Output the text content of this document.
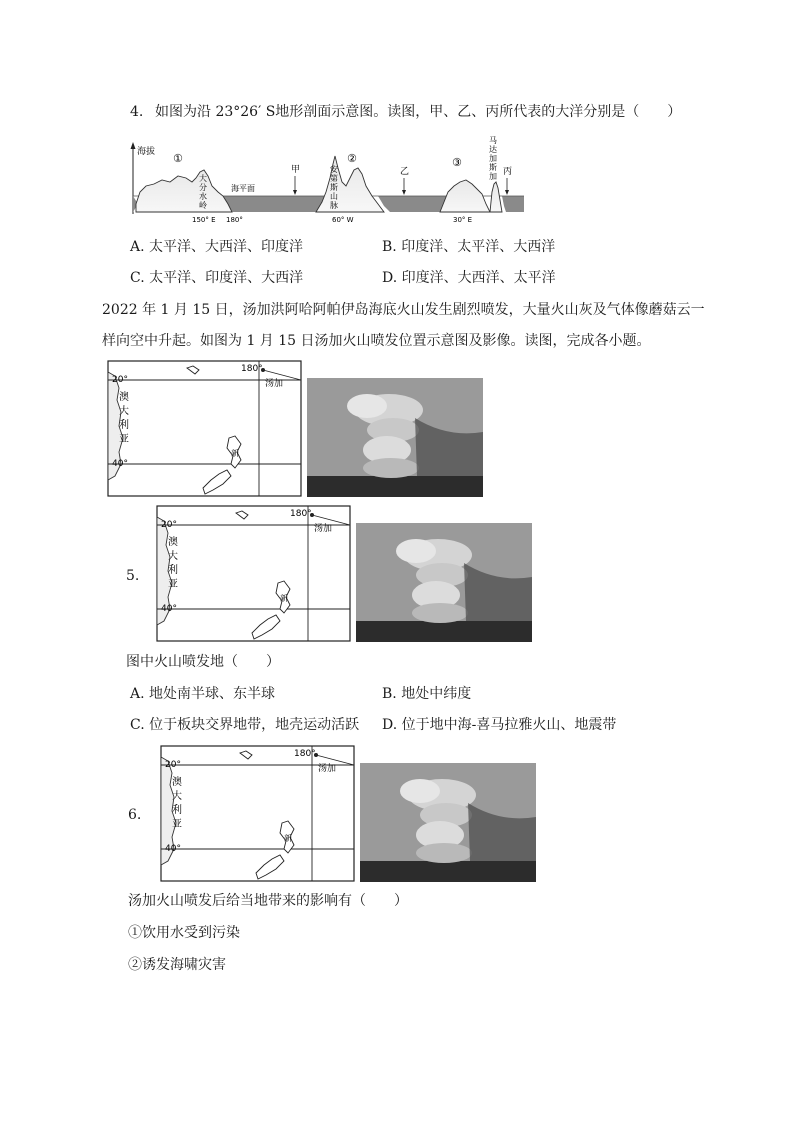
4. 如图为沿 23°26′ S地形剖面示意图。读图，甲、乙、丙所代表的大洋分别是（　　）
海拔 ①	②	③
大
分
水
岭
海平面
安
第
斯
山
脉
马
达
加
斯
加
甲	乙	丙
150° E 180°	60° W	30° E
A. 太平洋、大西洋、印度洋	B. 印度洋、太平洋、大西洋
C. 太平洋、印度洋、大西洋	D. 印度洋、大西洋、太平洋
2022 年 1 月 15 日，汤加洪阿哈阿帕伊岛海底火山发生剧烈喷发，大量火山灰及气体像蘑菇云一
样向空中升起。如图为 1 月 15 日汤加火山喷发位置示意图及影像。读图，完成各小题。
20°
40°
180°
汤加
澳
大
利
亚
新
5.
20°
40°
180°
汤加
澳
大
利
亚
新
图中火山喷发地（　　）
A. 地处南半球、东半球	B. 地处中纬度
C. 位于板块交界地带，地壳运动活跃 D. 位于地中海-喜马拉雅火山、地震带
6.
20°
40°
180°
汤加
澳
大
利
亚
新
汤加火山喷发后给当地带来的影响有（　　）
①饮用水受到污染
②诱发海啸灾害
